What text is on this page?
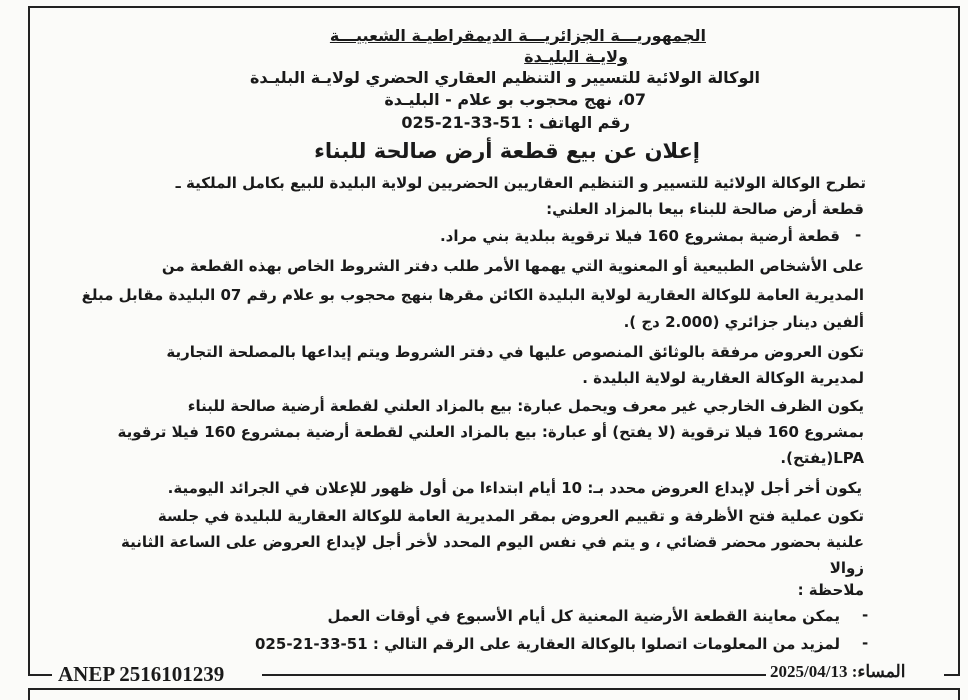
الجمهوريـــة الجزائريـــة الديمقراطيـة الشعبيـــة
ولايـة البليـدة
الوكالة الولائية للتسيير و التنظيم العقاري الحضري لولايـة البليـدة
07، نهج محجوب بو علام - البليـدة
رقم الهاتف : 51-33-21-025
إعلان عن بيع قطعة أرض صالحة للبناء
تطرح الوكالة الولائية للتسيير و التنظيم العقاريين الحضريين لولاية البليدة للبيع بكامل الملكية ـ
قطعة أرض صالحة للبناء بيعا بالمزاد العلني:
-
قطعة أرضية بمشروع 160 فيلا ترقوية ببلدية بني مراد.
على الأشخاص الطبيعية أو المعنوية التي يهمها الأمر طلب دفتر الشروط الخاص بهذه القطعة من
المديرية العامة للوكالة العقارية لولاية البليدة الكائن مقرها بنهج محجوب بو علام رقم 07 البليدة مقابل مبلغ
ألفين دينار جزائري (2.000 دج ).
تكون العروض مرفقة بالوثائق المنصوص عليها في دفتر الشروط ويتم إيداعها بالمصلحة التجارية
لمديرية الوكالة العقارية لولاية البليدة .
يكون الظرف الخارجي غير معرف ويحمل عبارة: بيع بالمزاد العلني لقطعة أرضية صالحة للبناء
بمشروع 160 فيلا ترقوية (لا يفتح) أو عبارة: بيع بالمزاد العلني لقطعة أرضية بمشروع 160 فيلا ترقوية
LPA(يفتح).
يكون أخر أجل لإيداع العروض محدد بـ: 10 أيام ابتداءا من أول ظهور للإعلان في الجرائد اليومية.
تكون عملية فتح الأظرفة و تقييم العروض بمقر المديرية العامة للوكالة العقارية للبليدة في جلسة
علنية بحضور محضر قضائي ، و يتم في نفس اليوم المحدد لأخر أجل لإيداع العروض على الساعة الثانية
زوالا
ملاحظة :
-
يمكن معاينة القطعة الأرضية المعنية كل أيام الأسبوع في أوقات العمل
-
لمزيد من المعلومات اتصلوا بالوكالة العقارية على الرقم التالي : 51-33-21-025
ANEP 2516101239	المساء: 2025/04/13
